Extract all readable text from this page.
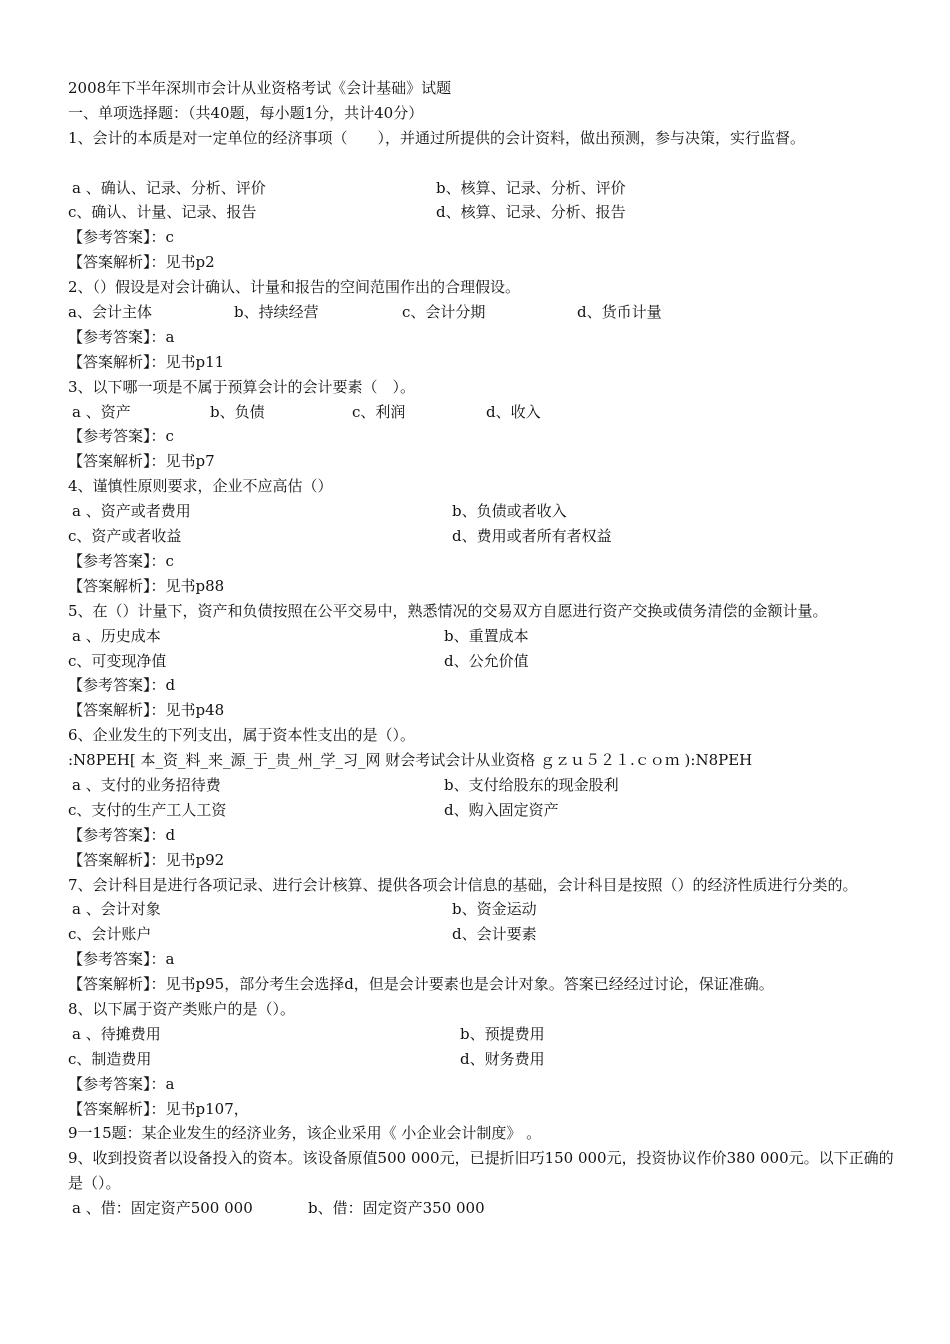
2008年下半年深圳市会计从业资格考试《会计基础》试题
一、单项选择题：（共40题，每小题1分，共计40分）
1、会计的本质是对一定单位的经济事项（　　），并通过所提供的会计资料，做出预测，参与决策，实行监督。
a 、确认、记录、分析、评价	b、核算、记录、分析、评价
c、确认、计量、记录、报告	d、核算、记录、分析、报告
【参考答案】：c
【答案解析】：见书p2
2、（）假设是对会计确认、计量和报告的空间范围作出的合理假设。
a、会计主体	b、持续经营	c、会计分期	d、货币计量
【参考答案】：a
【答案解析】：见书p11
3、以下哪一项是不属于预算会计的会计要素（　）。
a 、资产	b、负债	c、利润	d、收入
【参考答案】：c
【答案解析】：见书p7
4、谨慎性原则要求，企业不应高估（）
a 、资产或者费用	b、负债或者收入
c、资产或者收益	d、费用或者所有者权益
【参考答案】：c
【答案解析】：见书p88
5、在（）计量下，资产和负债按照在公平交易中，熟悉情况的交易双方自愿进行资产交换或债务清偿的金额计量。
a 、历史成本	b、重置成本
c、可变现净值	d、公允价值
【参考答案】：d
【答案解析】：见书p48
6、企业发生的下列支出，属于资本性支出的是（）。
:N8PEH[ 本_资_料_来_源_于_贵_州_学_习_网 财会考试会计从业资格 ｇｚｕ５２１.ｃｏｍ ):N8PEH
a 、支付的业务招待费	b、支付给股东的现金股利
c、支付的生产工人工资	d、购入固定资产
【参考答案】：d
【答案解析】：见书p92
7、会计科目是进行各项记录、进行会计核算、提供各项会计信息的基础，会计科目是按照（）的经济性质进行分类的。
a 、会计对象	b、资金运动
c、会计账户	d、会计要素
【参考答案】：a
【答案解析】：见书p95，部分考生会选择d，但是会计要素也是会计对象。答案已经经过讨论，保证准确。
8、以下属于资产类账户的是（）。
a 、待摊费用	b、预提费用
c、制造费用	d、财务费用
【参考答案】：a
【答案解析】：见书p107，
9一15题：某企业发生的经济业务，该企业采用《 小企业会计制度》 。
9、收到投资者以设备投入的资本。该设备原值500 000元，已提折旧巧150 000元，投资协议作价380 000元。以下正确的是（）。
a 、借：固定资产500 000	b、借：固定资产350 000
